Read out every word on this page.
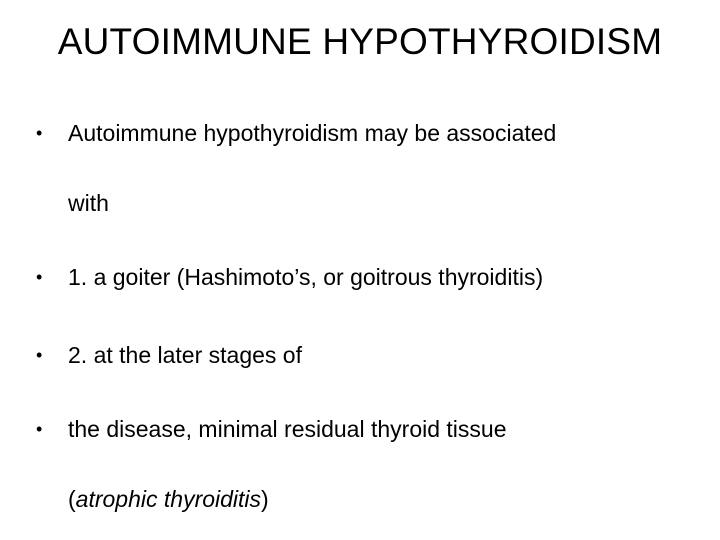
AUTOIMMUNE HYPOTHYROIDISM
• Autoimmune hypothyroidism may be associated
with
• 1. a goiter (Hashimoto’s, or goitrous thyroiditis)
• 2. at the later stages of
• the disease, minimal residual thyroid tissue
(atrophic thyroiditis)
